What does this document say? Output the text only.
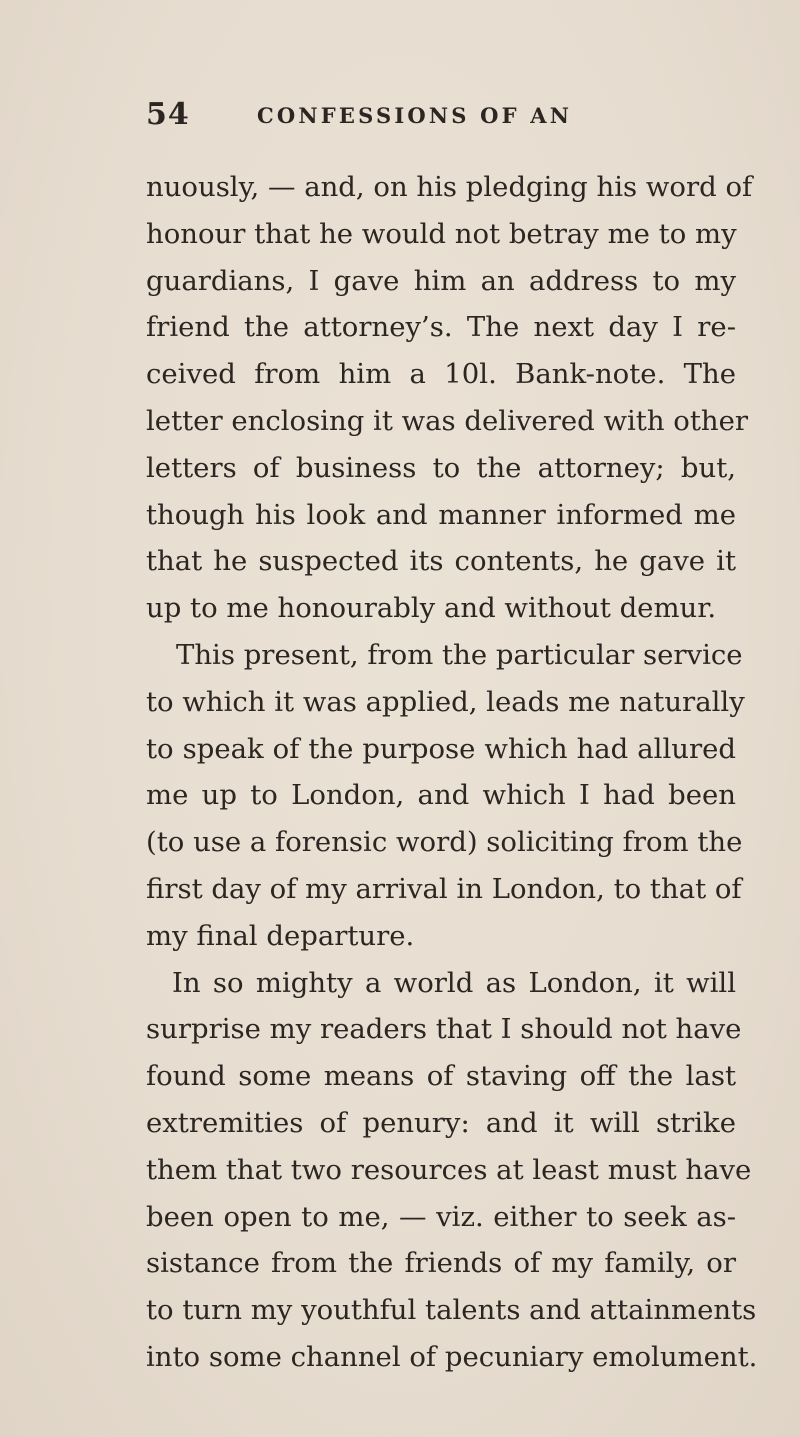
54	CONFESSIONS OF AN
nuously, — and, on his pledging his word of
honour that he would not betray me to my
guardians, I gave him an address to my
friend the attorney’s. The next day I re-
ceived from him a 10l. Bank-note. The
letter enclosing it was delivered with other
letters of business to the attorney; but,
though his look and manner informed me
that he suspected its contents, he gave it
up to me honourably and without demur.
This present, from the particular service
to which it was applied, leads me naturally
to speak of the purpose which had allured
me up to London, and which I had been
(to use a forensic word) soliciting from the
first day of my arrival in London, to that of
my final departure.
In so mighty a world as London, it will
surprise my readers that I should not have
found some means of staving off the last
extremities of penury: and it will strike
them that two resources at least must have
been open to me, — viz. either to seek as-
sistance from the friends of my family, or
to turn my youthful talents and attainments
into some channel of pecuniary emolument.
